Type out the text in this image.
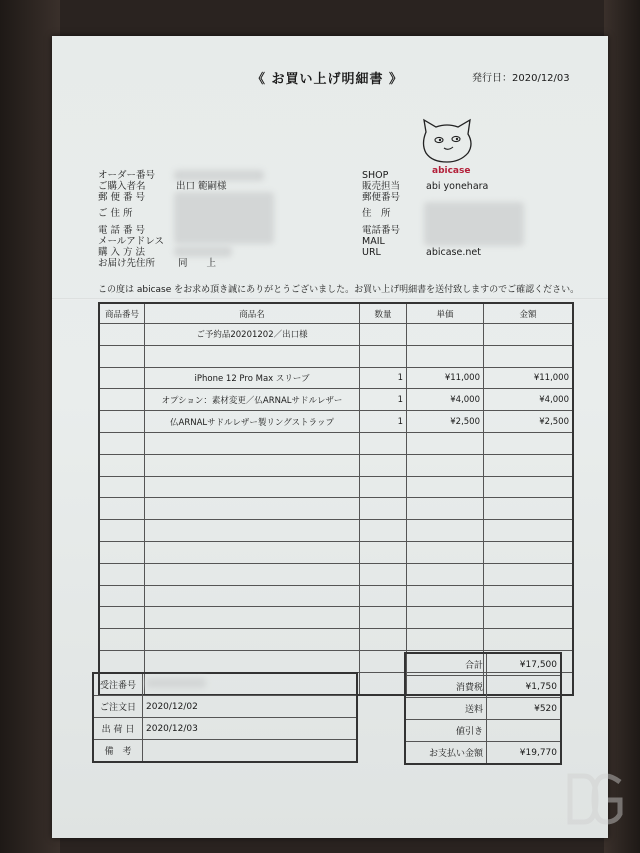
《 お買い上げ明細書 》	発行日：2020/12/03
abicase
オーダー番号
ご購入者名	出口 範嗣様
郵 便 番 号
ご 住 所
電 話 番 号
メールアドレス
購 入 方 法
お届け先住所 同　　上
SHOP
販売担当	abi yonehara
郵便番号
住　所
電話番号
MAIL
URL	abicase.net
この度は abicase をお求め頂き誠にありがとうございました。お買い上げ明細書を送付致しますのでご確認ください。
商品番号	商品名	数量	単価	金額
	ご予約品20201202／出口様			

	iPhone 12 Pro Max スリーブ	1	¥11,000	¥11,000
	オプション：素材変更／仏ARNALサドルレザー	1	¥4,000	¥4,000
	仏ARNALサドルレザー製リングストラップ	1	¥2,500	¥2,500

受注番号	
ご注文日	2020/12/02
出 荷 日	2020/12/03
備　考	
合計	¥17,500
消費税	¥1,750
送料	¥520
値引き	
お支払い金額	¥19,770
